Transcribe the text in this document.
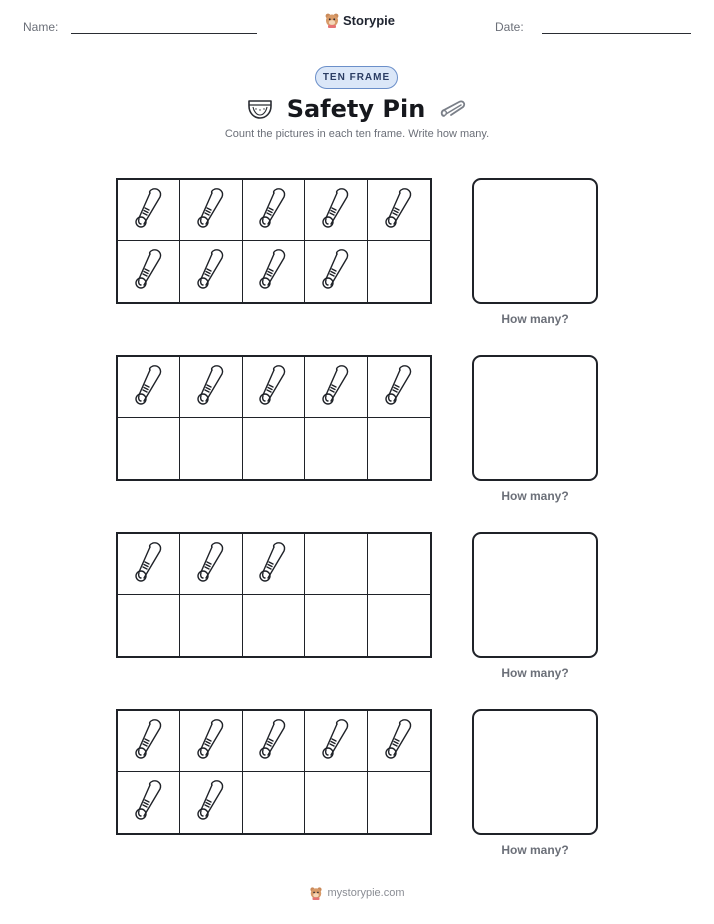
Name:	Storypie	Date:
TEN FRAME
Safety Pin
Count the pictures in each ten frame. Write how many.
How many?
How many?
How many?
How many?
mystorypie.com
